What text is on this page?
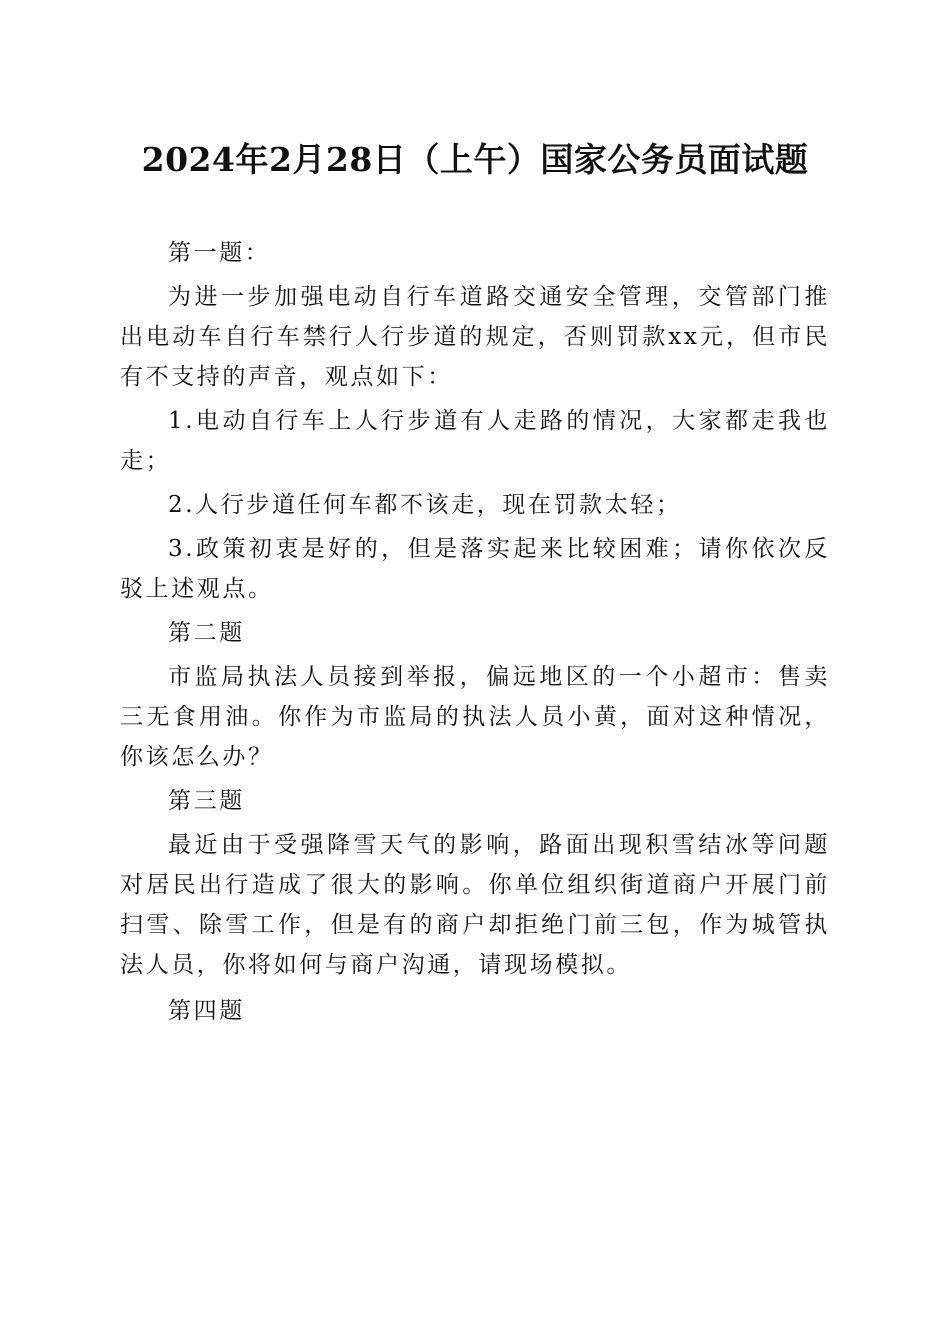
2024年2月28日（上午）国家公务员面试题

第一题：

为进一步加强电动自行车道路交通安全管理，交管部门推出电动车自行车禁行人行步道的规定，否则罚款xx元，但市民有不支持的声音，观点如下：

1.电动自行车上人行步道有人走路的情况，大家都走我也走；

2.人行步道任何车都不该走，现在罚款太轻；

3.政策初衷是好的，但是落实起来比较困难；请你依次反驳上述观点。

第二题

市监局执法人员接到举报，偏远地区的一个小超市：售卖三无食用油。你作为市监局的执法人员小黄，面对这种情况，你该怎么办？

第三题

最近由于受强降雪天气的影响，路面出现积雪结冰等问题对居民出行造成了很大的影响。你单位组织街道商户开展门前扫雪、除雪工作，但是有的商户却拒绝门前三包，作为城管执法人员，你将如何与商户沟通，请现场模拟。

第四题
